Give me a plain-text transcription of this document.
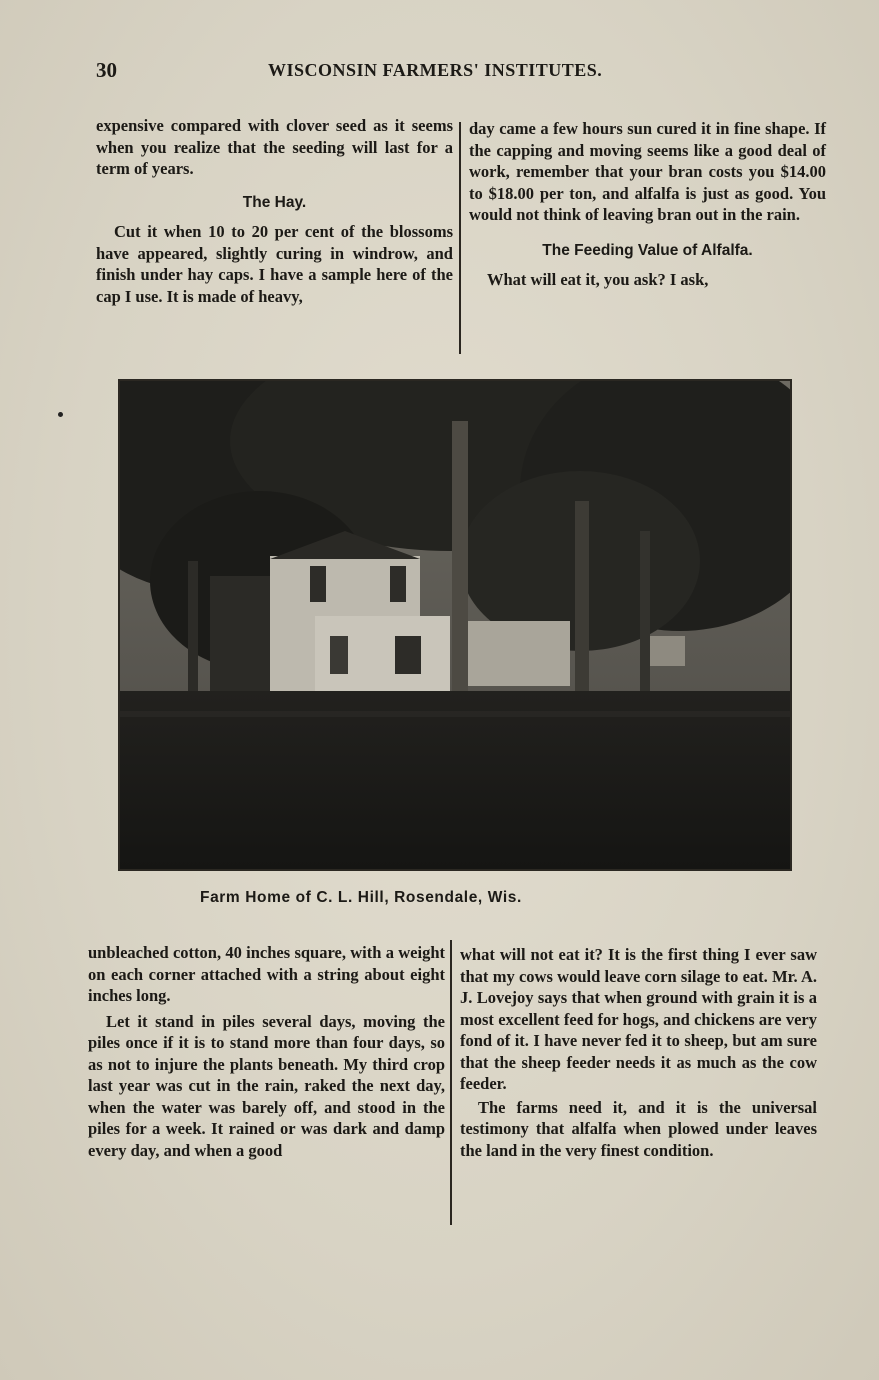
30	WISCONSIN FARMERS' INSTITUTES.

expensive compared with clover seed as it seems when you realize that the seeding will last for a term of years.

The Hay.

Cut it when 10 to 20 per cent of the blossoms have appeared, slightly curing in windrow, and finish under hay caps. I have a sample here of the cap I use. It is made of heavy,

day came a few hours sun cured it in fine shape. If the capping and moving seems like a good deal of work, remember that your bran costs you $14.00 to $18.00 per ton, and alfalfa is just as good. You would not think of leaving bran out in the rain.

The Feeding Value of Alfalfa.

What will eat it, you ask? I ask,

Farm Home of C. L. Hill, Rosendale, Wis.

unbleached cotton, 40 inches square, with a weight on each corner attached with a string about eight inches long.

Let it stand in piles several days, moving the piles once if it is to stand more than four days, so as not to injure the plants beneath. My third crop last year was cut in the rain, raked the next day, when the water was barely off, and stood in the piles for a week. It rained or was dark and damp every day, and when a good

what will not eat it? It is the first thing I ever saw that my cows would leave corn silage to eat. Mr. A. J. Lovejoy says that when ground with grain it is a most excellent feed for hogs, and chickens are very fond of it. I have never fed it to sheep, but am sure that the sheep feeder needs it as much as the cow feeder.

The farms need it, and it is the universal testimony that alfalfa when plowed under leaves the land in the very finest condition.
